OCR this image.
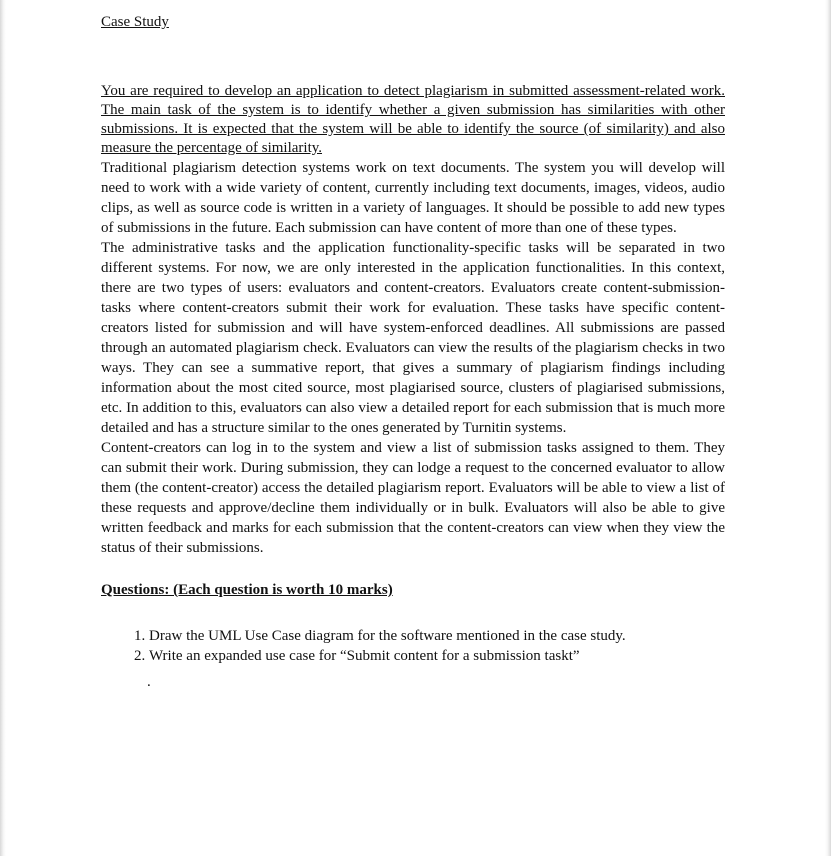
Case Study

You are required to develop an application to detect plagiarism in submitted assessment-related work. The main task of the system is to identify whether a given submission has similarities with other submissions. It is expected that the system will be able to identify the source (of similarity) and also measure the percentage of similarity.

Traditional plagiarism detection systems work on text documents. The system you will develop will need to work with a wide variety of content, currently including text documents, images, videos, audio clips, as well as source code is written in a variety of languages. It should be possible to add new types of submissions in the future. Each submission can have content of more than one of these types.

The administrative tasks and the application functionality-specific tasks will be separated in two different systems. For now, we are only interested in the application functionalities. In this context, there are two types of users: evaluators and content-creators. Evaluators create content-submission-tasks where content-creators submit their work for evaluation. These tasks have specific content-creators listed for submission and will have system-enforced deadlines. All submissions are passed through an automated plagiarism check. Evaluators can view the results of the plagiarism checks in two ways. They can see a summative report, that gives a summary of plagiarism findings including information about the most cited source, most plagiarised source, clusters of plagiarised submissions, etc. In addition to this, evaluators can also view a detailed report for each submission that is much more detailed and has a structure similar to the ones generated by Turnitin systems.

Content-creators can log in to the system and view a list of submission tasks assigned to them. They can submit their work. During submission, they can lodge a request to the concerned evaluator to allow them (the content-creator) access the detailed plagiarism report. Evaluators will be able to view a list of these requests and approve/decline them individually or in bulk. Evaluators will also be able to give written feedback and marks for each submission that the content-creators can view when they view the status of their submissions.

Questions: (Each question is worth 10 marks)
1. Draw the UML Use Case diagram for the software mentioned in the case study.
2. Write an expanded use case for “Submit content for a submission taskt”
.
